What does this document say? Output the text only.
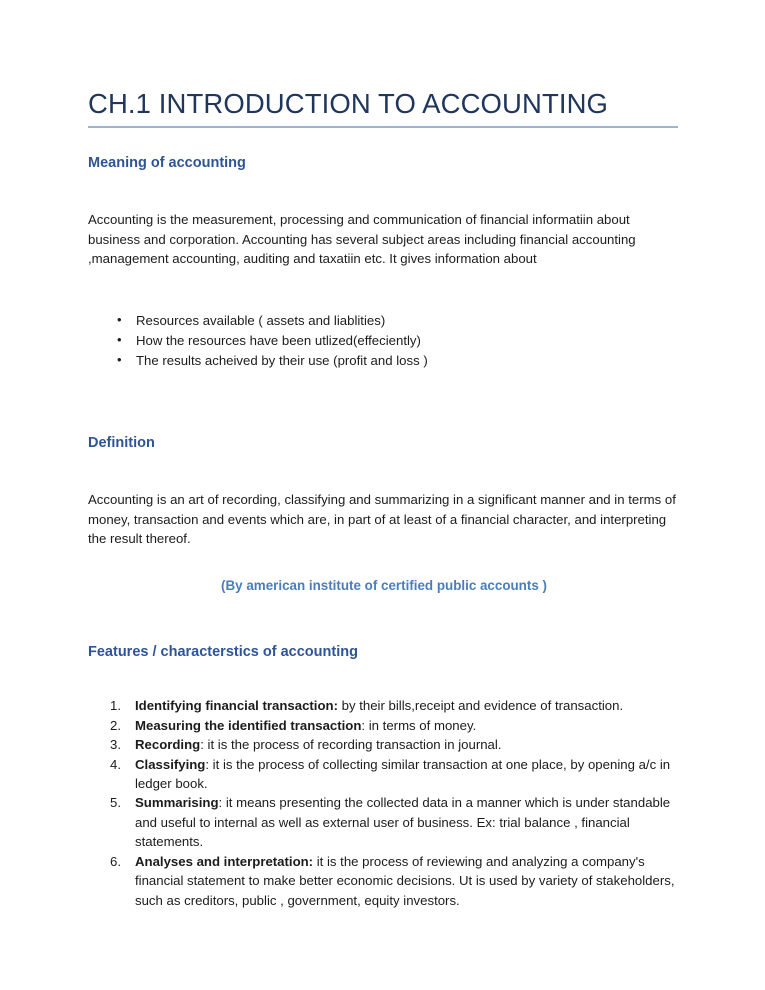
CH.1 INTRODUCTION TO ACCOUNTING
Meaning of accounting

Accounting is the measurement, processing and communication of financial informatiin about business and corporation. Accounting has several subject areas including financial accounting ,management accounting, auditing and taxatiin etc. It gives information about

• Resources available ( assets and liablities)
• How the resources have been utlized(effeciently)
• The results acheived by their use (profit and loss )
Definition

Accounting is an art of recording, classifying and summarizing in a significant manner and in terms of money, transaction and events which are, in part of at least of a financial character, and interpreting the result thereof.

(By american institute of certified public accounts )

Features / characterstics of accounting
Identifying financial transaction: by their bills,receipt and evidence of transaction.
Measuring the identified transaction: in terms of money.
Recording: it is the process of recording transaction in journal.
Classifying: it is the process of collecting similar transaction at one place, by opening a/c in ledger book.
Summarising: it means presenting the collected data in a manner which is under standable and useful to internal as well as external user of business. Ex: trial balance , financial statements.
Analyses and interpretation: it is the process of reviewing and analyzing a company's financial statement to make better economic decisions. Ut is used by variety of stakeholders, such as creditors, public , government, equity investors.
